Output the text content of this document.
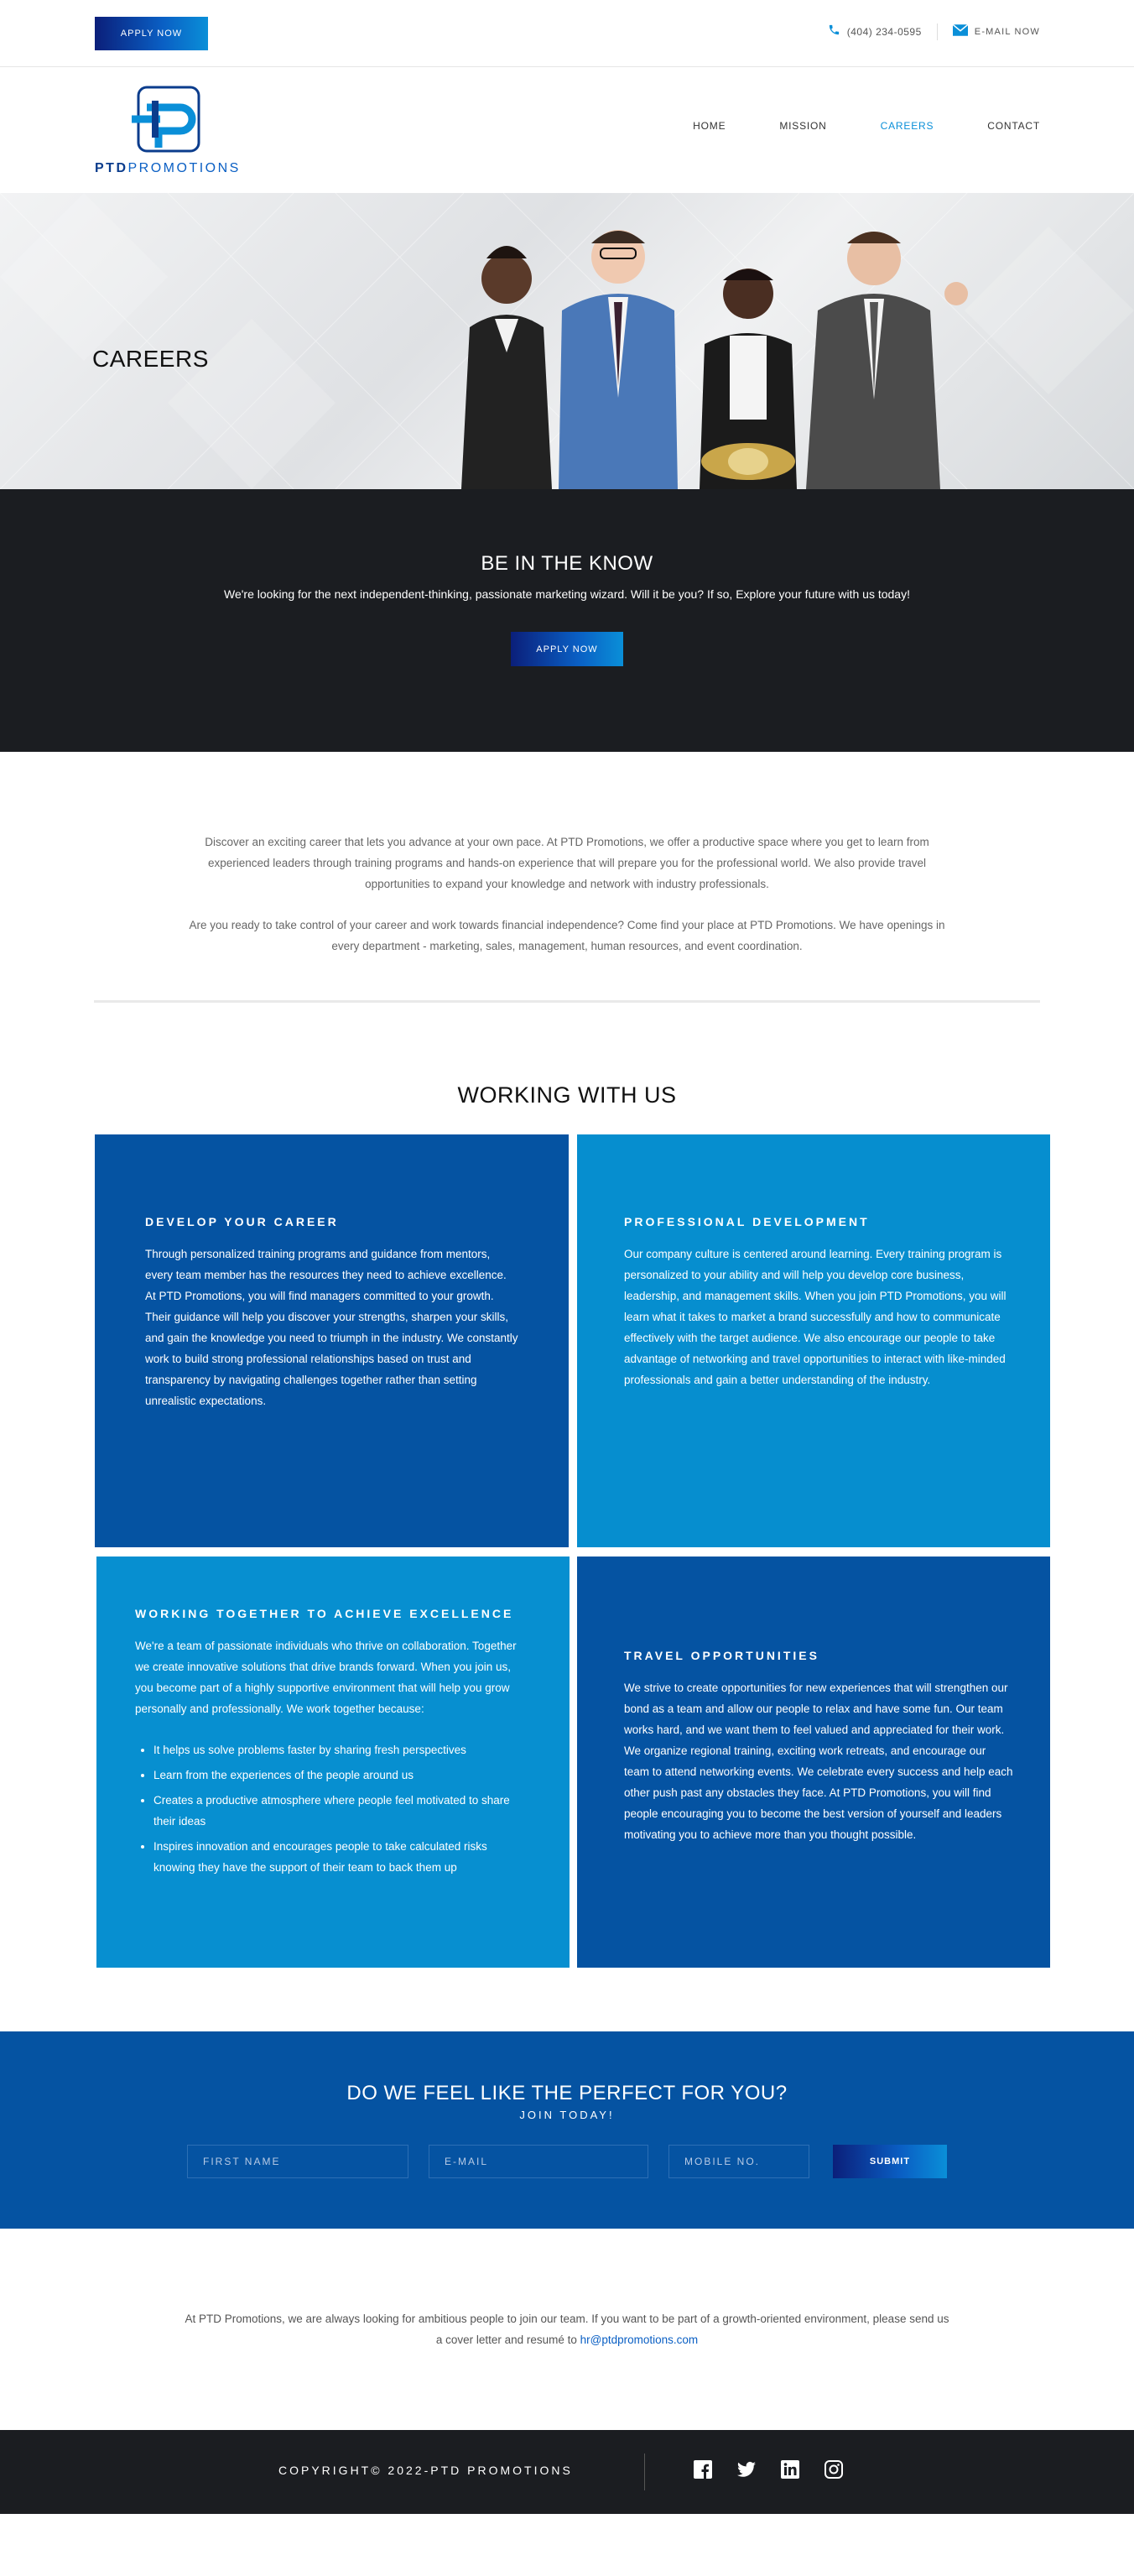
APPLY NOW	(404) 234-0595	E-MAIL NOW
PTDPROMOTIONS
HOME	MISSION	CAREERS	CONTACT
CAREERS
BE IN THE KNOW

We're looking for the next independent-thinking, passionate marketing wizard. Will it be you? If so, Explore your future with us today!

APPLY NOW

Discover an exciting career that lets you advance at your own pace. At PTD Promotions, we offer a productive space where you get to learn from experienced leaders through training programs and hands-on experience that will prepare you for the professional world. We also provide travel opportunities to expand your knowledge and network with industry professionals.

Are you ready to take control of your career and work towards financial independence? Come find your place at PTD Promotions. We have openings in every department - marketing, sales, management, human resources, and event coordination.

WORKING WITH US
DEVELOP YOUR CAREER

Through personalized training programs and guidance from mentors, every team member has the resources they need to achieve excellence. At PTD Promotions, you will find managers committed to your growth. Their guidance will help you discover your strengths, sharpen your skills, and gain the knowledge you need to triumph in the industry. We constantly work to build strong professional relationships based on trust and transparency by navigating challenges together rather than setting unrealistic expectations.

PROFESSIONAL DEVELOPMENT

Our company culture is centered around learning. Every training program is personalized to your ability and will help you develop core business, leadership, and management skills. When you join PTD Promotions, you will learn what it takes to market a brand successfully and how to communicate effectively with the target audience. We also encourage our people to take advantage of networking and travel opportunities to interact with like-minded professionals and gain a better understanding of the industry.

WORKING TOGETHER TO ACHIEVE EXCELLENCE

We're a team of passionate individuals who thrive on collaboration. Together we create innovative solutions that drive brands forward. When you join us, you become part of a highly supportive environment that will help you grow personally and professionally. We work together because:

• It helps us solve problems faster by sharing fresh perspectives
• Learn from the experiences of the people around us
• Creates a productive atmosphere where people feel motivated to share their ideas
• Inspires innovation and encourages people to take calculated risks knowing they have the support of their team to back them up
TRAVEL OPPORTUNITIES

We strive to create opportunities for new experiences that will strengthen our bond as a team and allow our people to relax and have some fun. Our team works hard, and we want them to feel valued and appreciated for their work. We organize regional training, exciting work retreats, and encourage our team to attend networking events. We celebrate every success and help each other push past any obstacles they face. At PTD Promotions, you will find people encouraging you to become the best version of yourself and leaders motivating you to achieve more than you thought possible.

DO WE FEEL LIKE THE PERFECT FOR YOU?
JOIN TODAY!
FIRST NAME
E-MAIL
MOBILE NO.
SUBMIT

At PTD Promotions, we are always looking for ambitious people to join our team. If you want to be part of a growth-oriented environment, please send us a cover letter and resumé to hr@ptdpromotions.com

COPYRIGHT© 2022-PTD PROMOTIONS
